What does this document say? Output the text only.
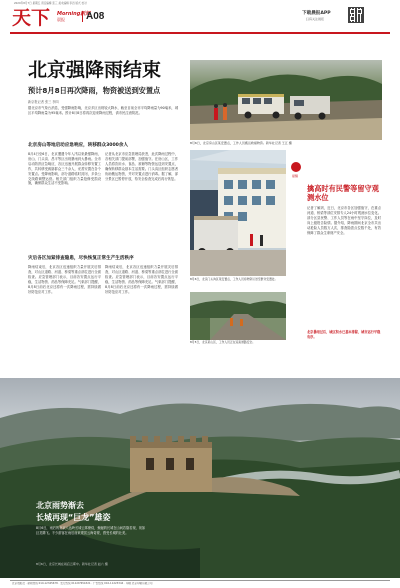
2020年8月7日 星期五 责任编辑 张三 美术编辑 李四 版式 校对
天下 Morning新闻
晨报	A08	下载晨报APP
扫码关注晨报
北京强降雨结束
预计8月8日再次降雨，物资被送到安置点
新京报记者 张三 李四
据北京市气象台消息，受强降雨影响，北京多区出现较大降水，截至目前全市平均降雨量为90毫米，城区平均降雨量为95毫米。预计8月8日将再次迎来降雨过程，请市民注意防范。
北京房山等地启动应急响应，转移群众3000余人
8月4日至6日，北京遭遇今年入汛以来最强降雨，房山、门头沟、昌平等区出现暴雨到大暴雨。全市启动防汛应急响应，各区迅速开展群众转移安置工作，共转移受威胁群众三千余人，妥善安置在各个安置点。受降雨影响，部分道路临时封闭，多条公交线路调整运营。相关部门组织力量抢修受损设施，确保群众生活不受影响。
记者从北京市应急管理局获悉，此次降雨过程中，各相关部门提前部署，加强值守。在房山区，工作人员将饮用水、食品、被褥等物资运送到安置点，确保转移群众基本生活需要。门头沟区组织志愿者协助搬运物资，并对安置点进行消毒。据了解，部分景区已暂停开放，待安全检查完成后再行恢复。
灾后各区加紧排查隐患，尽快恢复正常生产生活秩序
降雨结束后，北京各区迅速组织力量开展灾后排查，对山区道路、河道、桥梁等重点部位进行全面检查。应急管理部门表示，目前各安置点运行平稳，生活物资、药品等保障充足。气象部门提醒，8月8日前后北京还将有一次降雨过程，需持续做好防范应对工作。
降雨结束后，北京各区迅速组织力量开展灾后排查，对山区道路、河道、桥梁等重点部位进行全面检查。应急管理部门表示，目前各安置点运行平稳，生活物资、药品等保障充足。气象部门提醒，8月8日前后北京还将有一次降雨过程，需持续做好防范应对工作。
8月6日，北京房山区某安置点，工作人员搬运救援物资。新华社记者 王五 摄
8月5日，北京某山区，工作人员正在巡查道路安全。
8月6日，北京门头沟区某安置点，工作人员将物资运送至群众安置处。
提醒
擒高时有民警等留守观测水位
记者了解到，近日，北京市各区加强值守，在重点河道、桥梁等部位安排专人24小时观测水位变化。部分区县民警、工作人员等在雨中坚守岗位，及时向上级报告险情。据介绍，降雨期间北京全市共出动抢险人员数万人次，排查隐患点位数千处，有效保障了群众生命财产安全。
北京暴雨过后，城区积水已基本排除，城市运行平稳有序。
北京雨势渐去
长城再现“巨龙”雄姿
8月6日，雨后的北京八达岭长城云雾缭绕，蜿蜒的长城在山间若隐若现，宛如巨龙腾飞。不少游客在雨后前来观赏云海奇观，感受长城的壮美。
8月6日，北京长城在雨后云雾中。新华社记者 赵六 摄
北京晨报社 · 新闻热线 010-12345678 · 发行热线 010-87654321 · 广告热线 010-11223344 · 印刷 北京印刷有限公司
